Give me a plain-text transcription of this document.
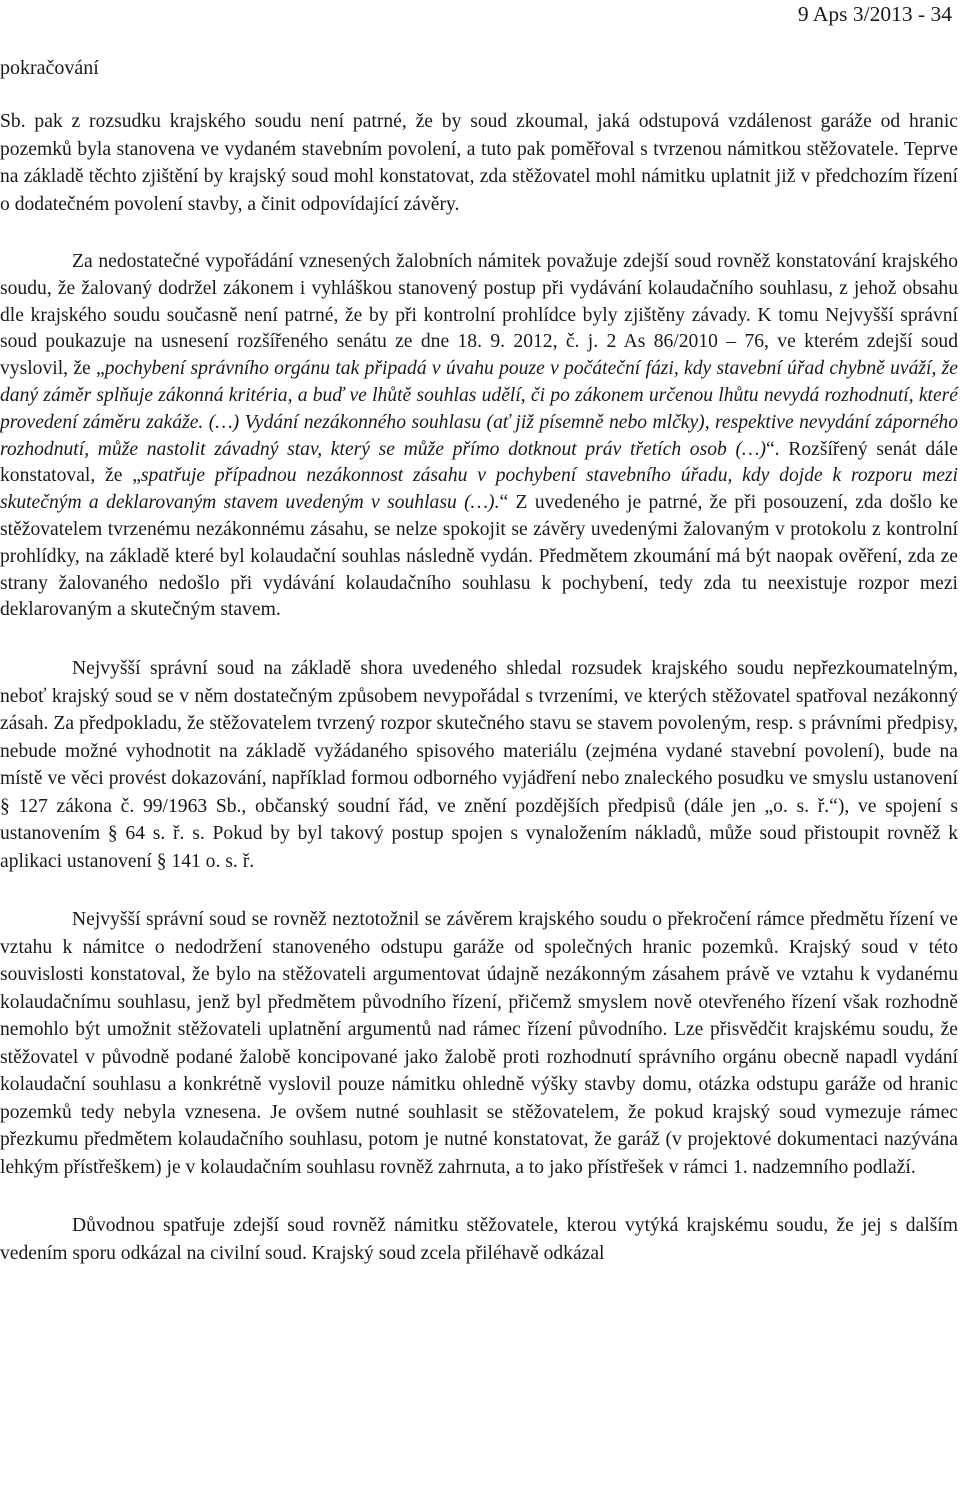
9 Aps 3/2013 - 34
pokračování

Sb. pak z rozsudku krajského soudu není patrné, že by soud zkoumal, jaká odstupová vzdálenost garáže od hranic pozemků byla stanovena ve vydaném stavebním povolení, a tuto pak poměřoval s tvrzenou námitkou stěžovatele. Teprve na základě těchto zjištění by krajský soud mohl konstatovat, zda stěžovatel mohl námitku uplatnit již v předchozím řízení o dodatečném povolení stavby, a činit odpovídající závěry.

Za nedostatečné vypořádání vznesených žalobních námitek považuje zdejší soud rovněž konstatování krajského soudu, že žalovaný dodržel zákonem i vyhláškou stanovený postup při vydávání kolaudačního souhlasu, z jehož obsahu dle krajského soudu současně není patrné, že by při kontrolní prohlídce byly zjištěny závady. K tomu Nejvyšší správní soud poukazuje na usnesení rozšířeného senátu ze dne 18. 9. 2012, č. j. 2 As 86/2010 – 76, ve kterém zdejší soud vyslovil, že „pochybení správního orgánu tak připadá v úvahu pouze v počáteční fázi, kdy stavební úřad chybně uváží, že daný záměr splňuje zákonná kritéria, a buď ve lhůtě souhlas udělí, či po zákonem určenou lhůtu nevydá rozhodnutí, které provedení záměru zakáže. (…) Vydání nezákonného souhlasu (ať již písemně nebo mlčky), respektive nevydání záporného rozhodnutí, může nastolit závadný stav, který se může přímo dotknout práv třetích osob (…)“. Rozšířený senát dále konstatoval, že „spatřuje případnou nezákonnost zásahu v pochybení stavebního úřadu, kdy dojde k rozporu mezi skutečným a deklarovaným stavem uvedeným v souhlasu (…).“ Z uvedeného je patrné, že při posouzení, zda došlo ke stěžovatelem tvrzenému nezákonnému zásahu, se nelze spokojit se závěry uvedenými žalovaným v protokolu z kontrolní prohlídky, na základě které byl kolaudační souhlas následně vydán. Předmětem zkoumání má být naopak ověření, zda ze strany žalovaného nedošlo při vydávání kolaudačního souhlasu k pochybení, tedy zda tu neexistuje rozpor mezi deklarovaným a skutečným stavem.

Nejvyšší správní soud na základě shora uvedeného shledal rozsudek krajského soudu nepřezkoumatelným, neboť krajský soud se v něm dostatečným způsobem nevypořádal s tvrzeními, ve kterých stěžovatel spatřoval nezákonný zásah. Za předpokladu, že stěžovatelem tvrzený rozpor skutečného stavu se stavem povoleným, resp. s právními předpisy, nebude možné vyhodnotit na základě vyžádaného spisového materiálu (zejména vydané stavební povolení), bude na místě ve věci provést dokazování, například formou odborného vyjádření nebo znaleckého posudku ve smyslu ustanovení § 127 zákona č. 99/1963 Sb., občanský soudní řád, ve znění pozdějších předpisů (dále jen „o. s. ř.“), ve spojení s ustanovením § 64 s. ř. s. Pokud by byl takový postup spojen s vynaložením nákladů, může soud přistoupit rovněž k aplikaci ustanovení § 141 o. s. ř.

Nejvyšší správní soud se rovněž neztotožnil se závěrem krajského soudu o překročení rámce předmětu řízení ve vztahu k námitce o nedodržení stanoveného odstupu garáže od společných hranic pozemků. Krajský soud v této souvislosti konstatoval, že bylo na stěžovateli argumentovat údajně nezákonným zásahem právě ve vztahu k vydanému kolaudačnímu souhlasu, jenž byl předmětem původního řízení, přičemž smyslem nově otevřeného řízení však rozhodně nemohlo být umožnit stěžovateli uplatnění argumentů nad rámec řízení původního. Lze přisvědčit krajskému soudu, že stěžovatel v původně podané žalobě koncipované jako žalobě proti rozhodnutí správního orgánu obecně napadl vydání kolaudační souhlasu a konkrétně vyslovil pouze námitku ohledně výšky stavby domu, otázka odstupu garáže od hranic pozemků tedy nebyla vznesena. Je ovšem nutné souhlasit se stěžovatelem, že pokud krajský soud vymezuje rámec přezkumu předmětem kolaudačního souhlasu, potom je nutné konstatovat, že garáž (v projektové dokumentaci nazývána lehkým přístřeškem) je v kolaudačním souhlasu rovněž zahrnuta, a to jako přístřešek v rámci 1. nadzemního podlaží.

Důvodnou spatřuje zdejší soud rovněž námitku stěžovatele, kterou vytýká krajskému soudu, že jej s dalším vedením sporu odkázal na civilní soud. Krajský soud zcela přiléhavě odkázal
